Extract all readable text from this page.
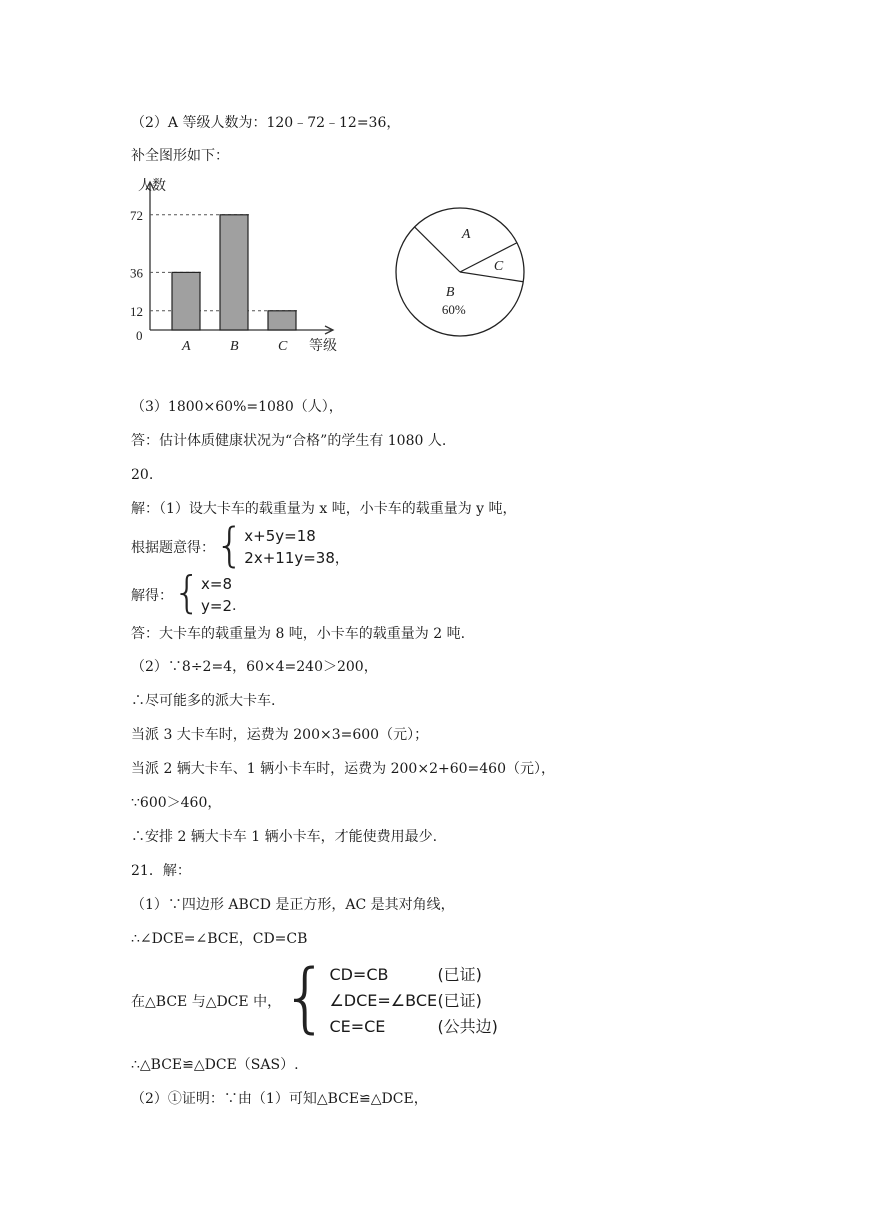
（2）A 等级人数为：120﹣72﹣12=36，
补全图形如下：
人数
等级
0
12
36
72
A	B	C
A
C
B
60%
（3）1800×60%=1080（人），
答：估计体质健康状况为“合格”的学生有 1080 人.
20.
解：（1）设大卡车的载重量为 x 吨，小卡车的载重量为 y 吨，
根据题意得： { x+5y=18
2x+11y=38 ，
解得： { x=8
y=2 .
答：大卡车的载重量为 8 吨，小卡车的载重量为 2 吨.
（2）∵8÷2=4，60×4=240＞200，
∴尽可能多的派大卡车.
当派 3 大卡车时，运费为 200×3=600（元）；
当派 2 辆大卡车、1 辆小卡车时，运费为 200×2+60=460（元），
∵600＞460，
∴安排 2 辆大卡车 1 辆小卡车，才能使费用最少.
21．解：
（1）∵四边形 ABCD 是正方形，AC 是其对角线，
∴∠DCE=∠BCE，CD=CB
在△BCE 与△DCE 中， { CD=CB	(已证)
∠DCE=∠BCE (已证)
CE=CE	(公共边)
∴△BCE≌△DCE（SAS）.
（2）①证明：∵由（1）可知△BCE≌△DCE，
